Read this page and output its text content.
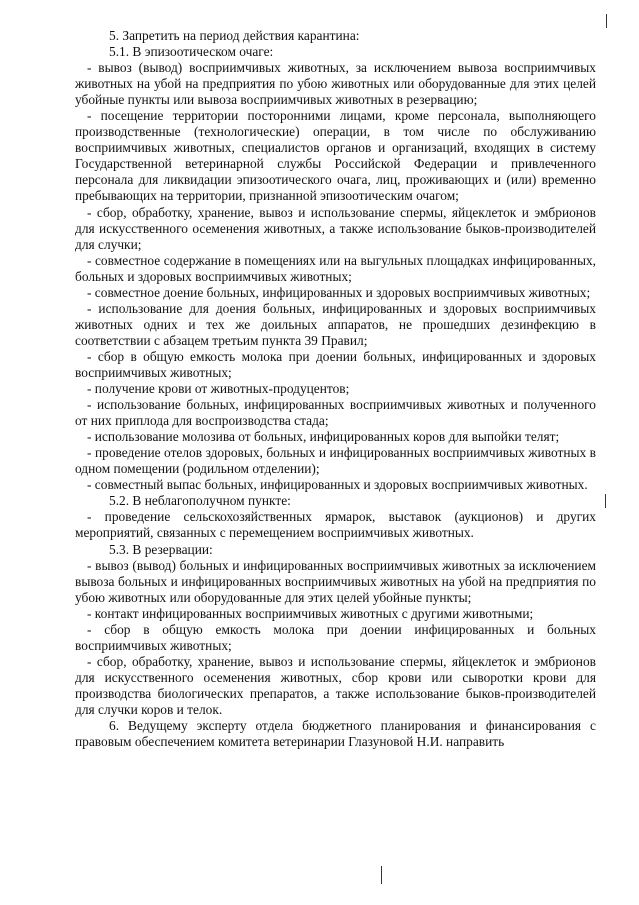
5. Запретить на период действия карантина:

5.1. В эпизоотическом очаге:

- вывоз (вывод) восприимчивых животных, за исключением вывоза восприимчивых животных на убой на предприятия по убою животных или оборудованные для этих целей убойные пункты или вывоза восприимчивых животных в резервацию;

- посещение территории посторонними лицами, кроме персонала, выполняющего производственные (технологические) операции, в том числе по обслуживанию восприимчивых животных, специалистов органов и организаций, входящих в систему Государственной ветеринарной службы Российской Федерации и привлеченного персонала для ликвидации эпизоотического очага, лиц, проживающих и (или) временно пребывающих на территории, признанной эпизоотическим очагом;

- сбор, обработку, хранение, вывоз и использование спермы, яйцеклеток и эмбрионов для искусственного осеменения животных, а также использование быков-производителей для случки;

- совместное содержание в помещениях или на выгульных площадках инфицированных, больных и здоровых восприимчивых животных;

- совместное доение больных, инфицированных и здоровых восприимчивых животных;

- использование для доения больных, инфицированных и здоровых восприимчивых животных одних и тех же доильных аппаратов, не прошедших дезинфекцию в соответствии с абзацем третьим пункта 39 Правил;

- сбор в общую емкость молока при доении больных, инфицированных и здоровых восприимчивых животных;

- получение крови от животных-продуцентов;

- использование больных, инфицированных восприимчивых животных и полученного от них приплода для воспроизводства стада;

- использование молозива от больных, инфицированных коров для выпойки телят;

- проведение отелов здоровых, больных и инфицированных восприимчивых животных в одном помещении (родильном отделении);

- совместный выпас больных, инфицированных и здоровых восприимчивых животных.

5.2. В неблагополучном пункте:

- проведение сельскохозяйственных ярмарок, выставок (аукционов) и других мероприятий, связанных с перемещением восприимчивых животных.

5.3. В резервации:

- вывоз (вывод) больных и инфицированных восприимчивых животных за исключением вывоза больных и инфицированных восприимчивых животных на убой на предприятия по убою животных или оборудованные для этих целей убойные пункты;

- контакт инфицированных восприимчивых животных с другими животными;

- сбор в общую емкость молока при доении инфицированных и больных восприимчивых животных;

- сбор, обработку, хранение, вывоз и использование спермы, яйцеклеток и эмбрионов для искусственного осеменения животных, сбор крови или сыворотки крови для производства биологических препаратов, а также использование быков-производителей для случки коров и телок.

6. Ведущему эксперту отдела бюджетного планирования и финансирования с правовым обеспечением комитета ветеринарии Глазуновой Н.И. направить
